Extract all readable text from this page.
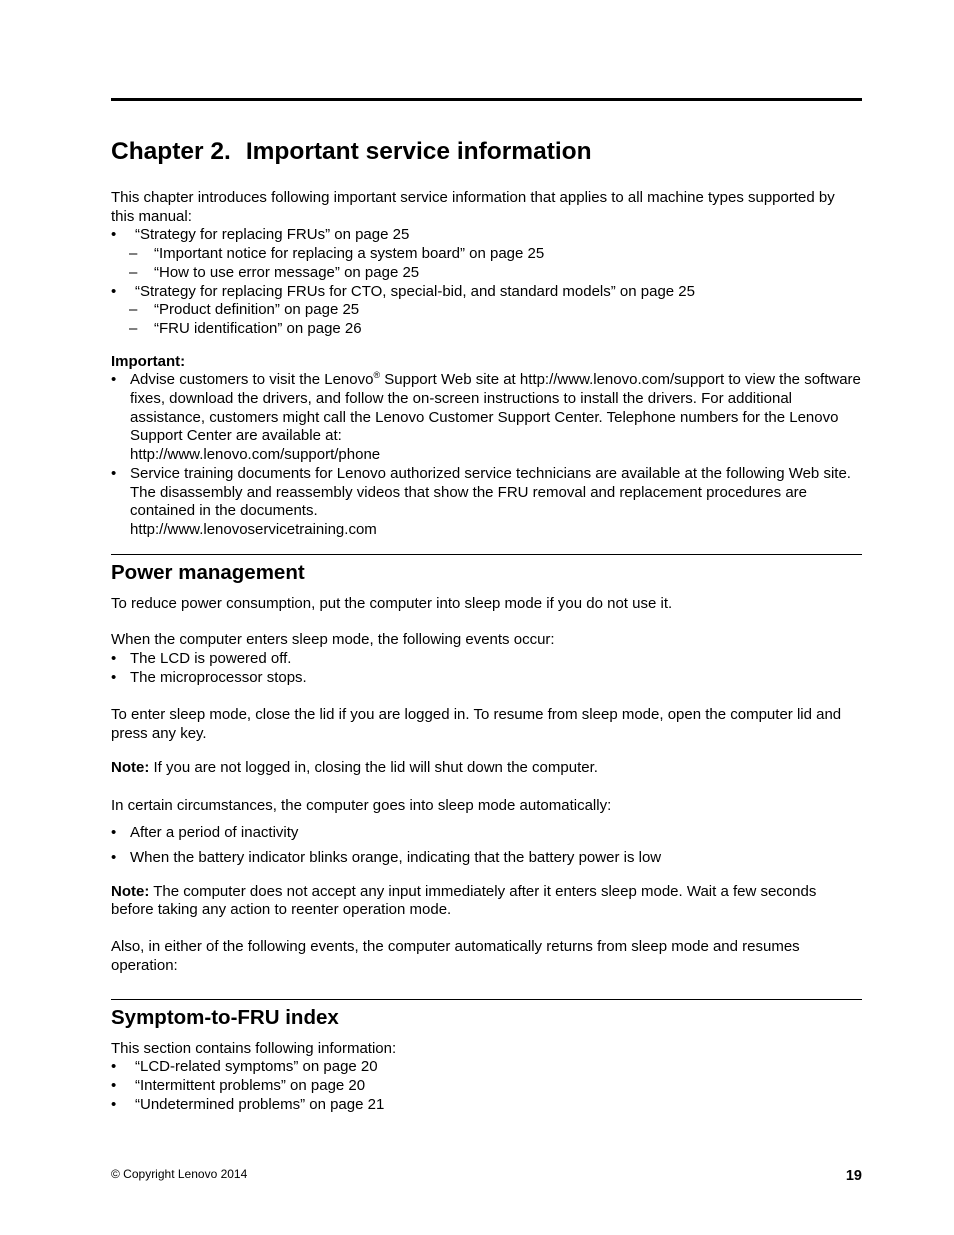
Chapter 2. Important service information

This chapter introduces following important service information that applies to all machine types supported by this manual:

• “Strategy for replacing FRUs” on page 25
– “Important notice for replacing a system board” on page 25
– “How to use error message” on page 25
• “Strategy for replacing FRUs for CTO, special-bid, and standard models” on page 25
– “Product definition” on page 25
– “FRU identification” on page 26

Important:

• Advise customers to visit the Lenovo® Support Web site at http://www.lenovo.com/support to view the software fixes, download the drivers, and follow the on-screen instructions to install the drivers. For additional assistance, customers might call the Lenovo Customer Support Center. Telephone numbers for the Lenovo Support Center are available at:
http://www.lenovo.com/support/phone
• Service training documents for Lenovo authorized service technicians are available at the following Web site. The disassembly and reassembly videos that show the FRU removal and replacement procedures are contained in the documents.
http://www.lenovoservicetraining.com
Power management

To reduce power consumption, put the computer into sleep mode if you do not use it.

When the computer enters sleep mode, the following events occur:

• The LCD is powered off.
• The microprocessor stops.

To enter sleep mode, close the lid if you are logged in. To resume from sleep mode, open the computer lid and press any key.

Note: If you are not logged in, closing the lid will shut down the computer.

In certain circumstances, the computer goes into sleep mode automatically:

• After a period of inactivity
• When the battery indicator blinks orange, indicating that the battery power is low

Note: The computer does not accept any input immediately after it enters sleep mode. Wait a few seconds before taking any action to reenter operation mode.

Also, in either of the following events, the computer automatically returns from sleep mode and resumes operation:

Symptom-to-FRU index

This section contains following information:

• “LCD-related symptoms” on page 20
• “Intermittent problems” on page 20
• “Undetermined problems” on page 21
© Copyright Lenovo 2014	19
